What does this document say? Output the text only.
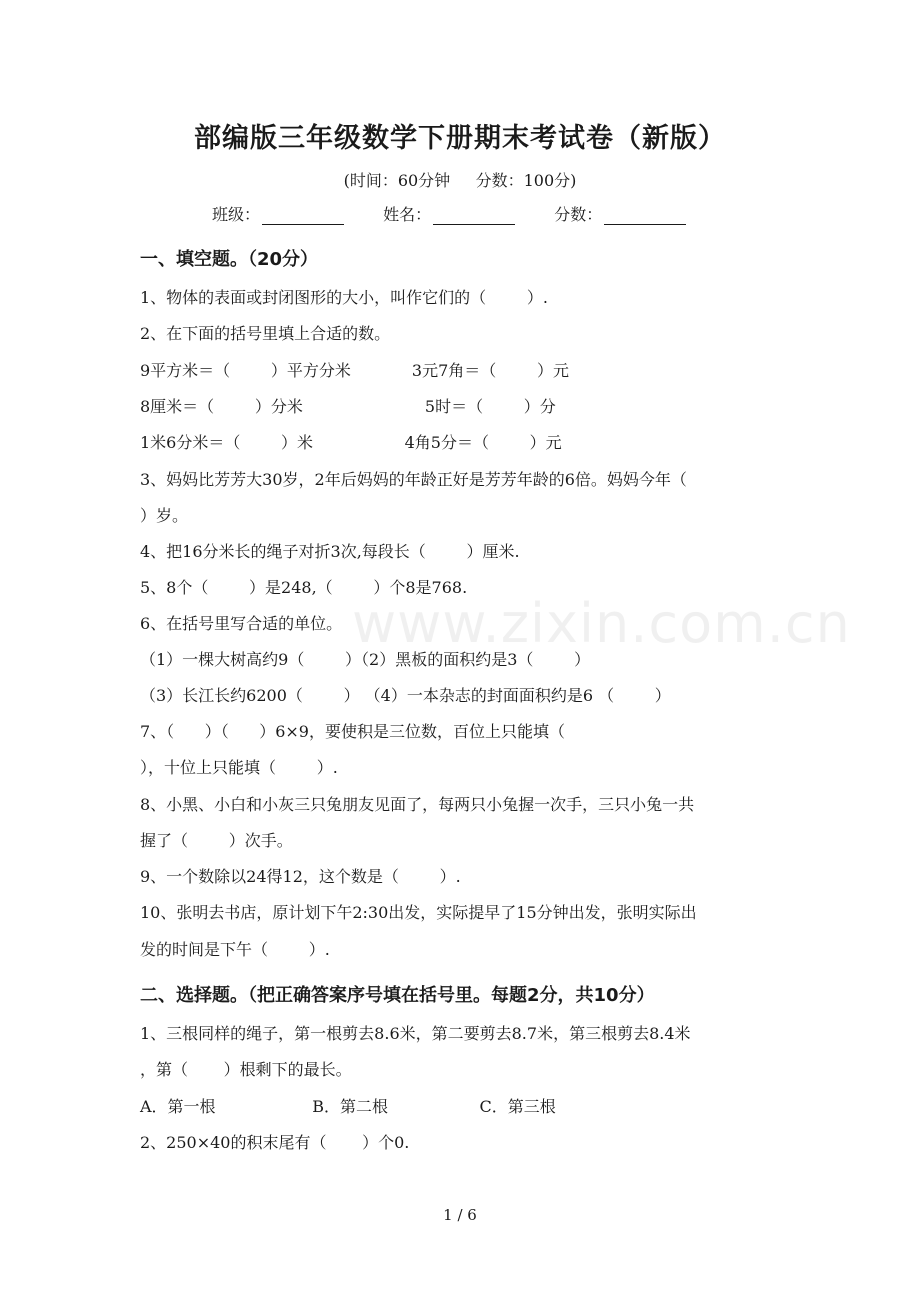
www.zixin.com.cn
部编版三年级数学下册期末考试卷（新版）
(时间：60分钟     分数：100分)
班级：	姓名：	分数：
一、填空题。（20分）
1、物体的表面或封闭图形的大小，叫作它们的（        ）.
2、在下面的括号里填上合适的数。
9平方米＝（        ）平方分米            3元7角＝（        ）元
8厘米＝（        ）分米                        5时＝（        ）分
1米6分米＝（        ）米                  4角5分＝（        ）元
3、妈妈比芳芳大30岁，2年后妈妈的年龄正好是芳芳年龄的6倍。妈妈今年（
）岁。
4、把16分米长的绳子对折3次,每段长（        ）厘米.
5、8个（        ）是248,（        ）个8是768.
6、在括号里写合适的单位。
（1）一棵大树高约9（        ）（2）黑板的面积约是3（        ）
（3）长江长约6200（        ） （4）一本杂志的封面面积约是6 （        ）
7、（      ）（      ）6×9，要使积是三位数，百位上只能填（
），十位上只能填（        ）.
8、小黑、小白和小灰三只兔朋友见面了，每两只小兔握一次手，三只小兔一共
握了（        ）次手。
9、一个数除以24得12，这个数是（        ）.
10、张明去书店，原计划下午2:30出发，实际提早了15分钟出发，张明实际出
发的时间是下午（        ）.
二、选择题。（把正确答案序号填在括号里。每题2分，共10分）
1、三根同样的绳子，第一根剪去8.6米，第二要剪去8.7米，第三根剪去8.4米
，第（       ）根剩下的最长。
A．第一根                   B．第二根                  C．第三根
2、250×40的积末尾有（       ）个0.
1 / 6
